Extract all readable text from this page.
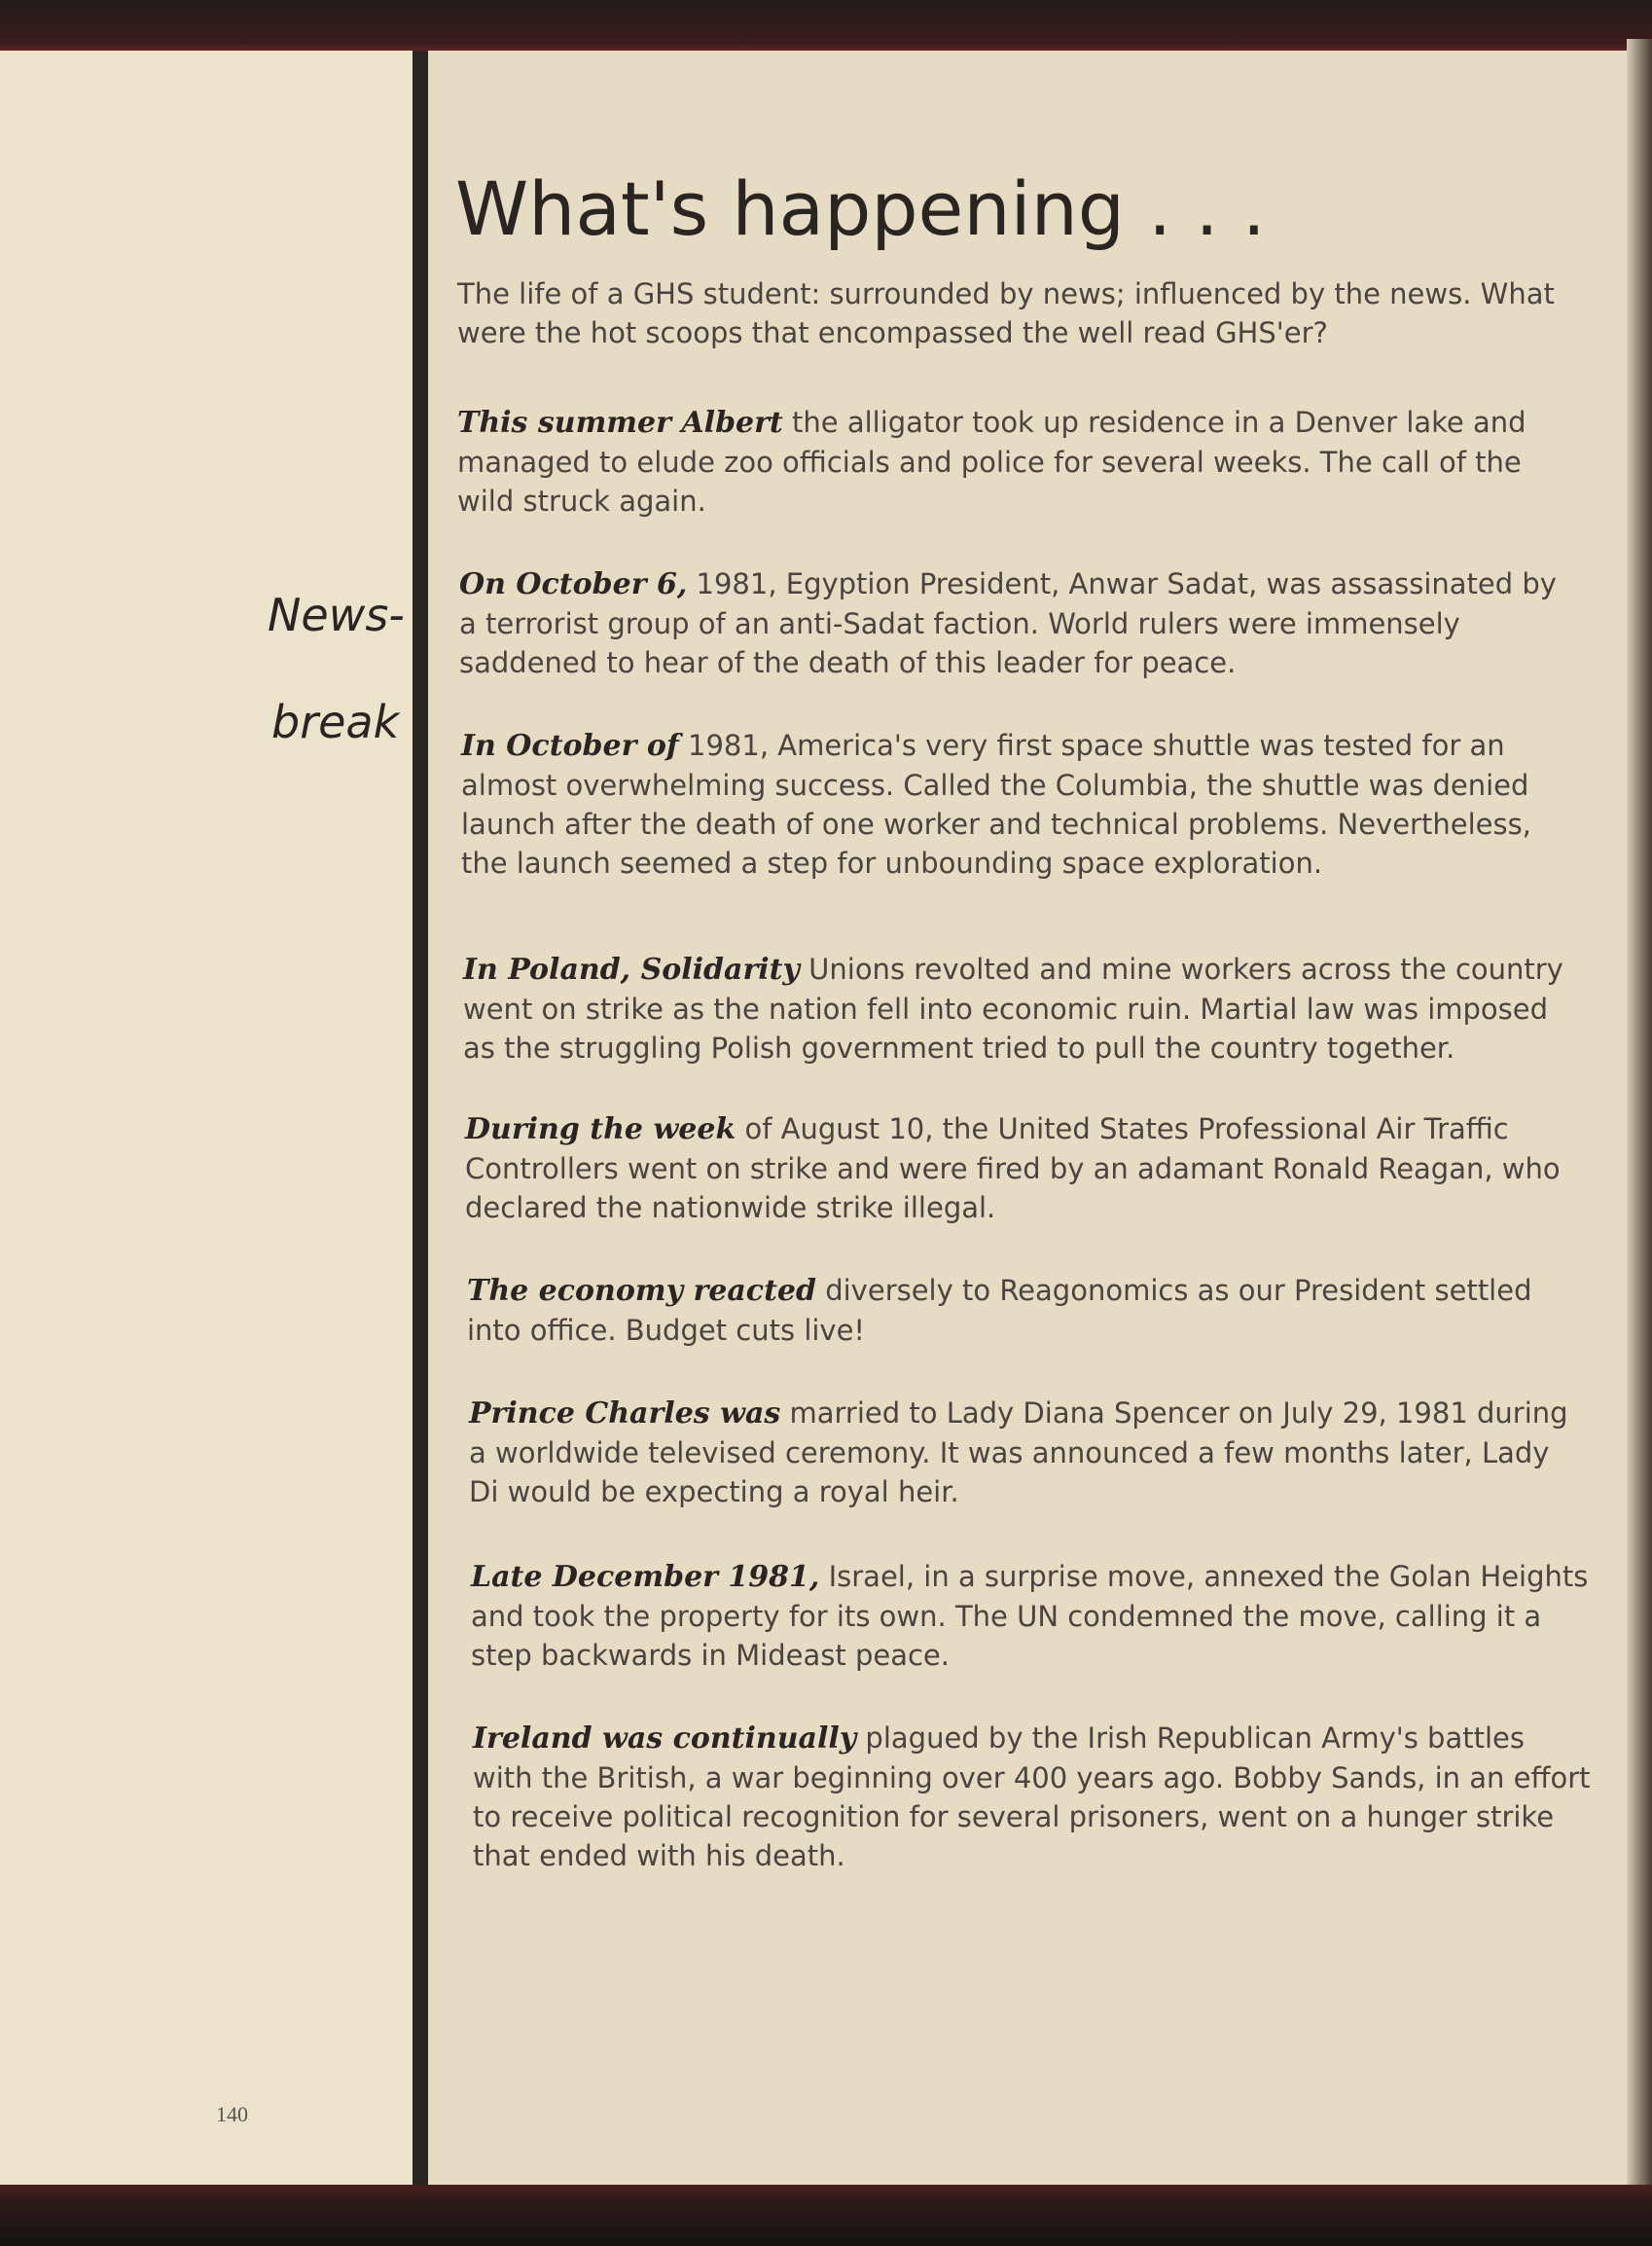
What's happening . . .
News-
break

The life of a GHS student: surrounded by news; influenced by the news. What were the hot scoops that encompassed the well read GHS'er?

This summer Albert the alligator took up residence in a Denver lake and managed to elude zoo officials and police for several weeks. The call of the wild struck again.

On October 6, 1981, Egyption President, Anwar Sadat, was assassinated by a terrorist group of an anti-Sadat faction. World rulers were immensely saddened to hear of the death of this leader for peace.

In October of 1981, America's very first space shuttle was tested for an almost overwhelming success. Called the Columbia, the shuttle was denied launch after the death of one worker and technical problems. Nevertheless, the launch seemed a step for unbounding space exploration.

In Poland, Solidarity Unions revolted and mine workers across the country went on strike as the nation fell into economic ruin. Martial law was imposed as the struggling Polish government tried to pull the country together.

During the week of August 10, the United States Professional Air Traffic Controllers went on strike and were fired by an adamant Ronald Reagan, who declared the nationwide strike illegal.

The economy reacted diversely to Reagonomics as our President settled into office. Budget cuts live!

Prince Charles was married to Lady Diana Spencer on July 29, 1981 during a worldwide televised ceremony. It was announced a few months later, Lady Di would be expecting a royal heir.

Late December 1981, Israel, in a surprise move, annexed the Golan Heights and took the property for its own. The UN condemned the move, calling it a step backwards in Mideast peace.

Ireland was continually plagued by the Irish Republican Army's battles with the British, a war beginning over 400 years ago. Bobby Sands, in an effort to receive political recognition for several prisoners, went on a hunger strike that ended with his death.

140
